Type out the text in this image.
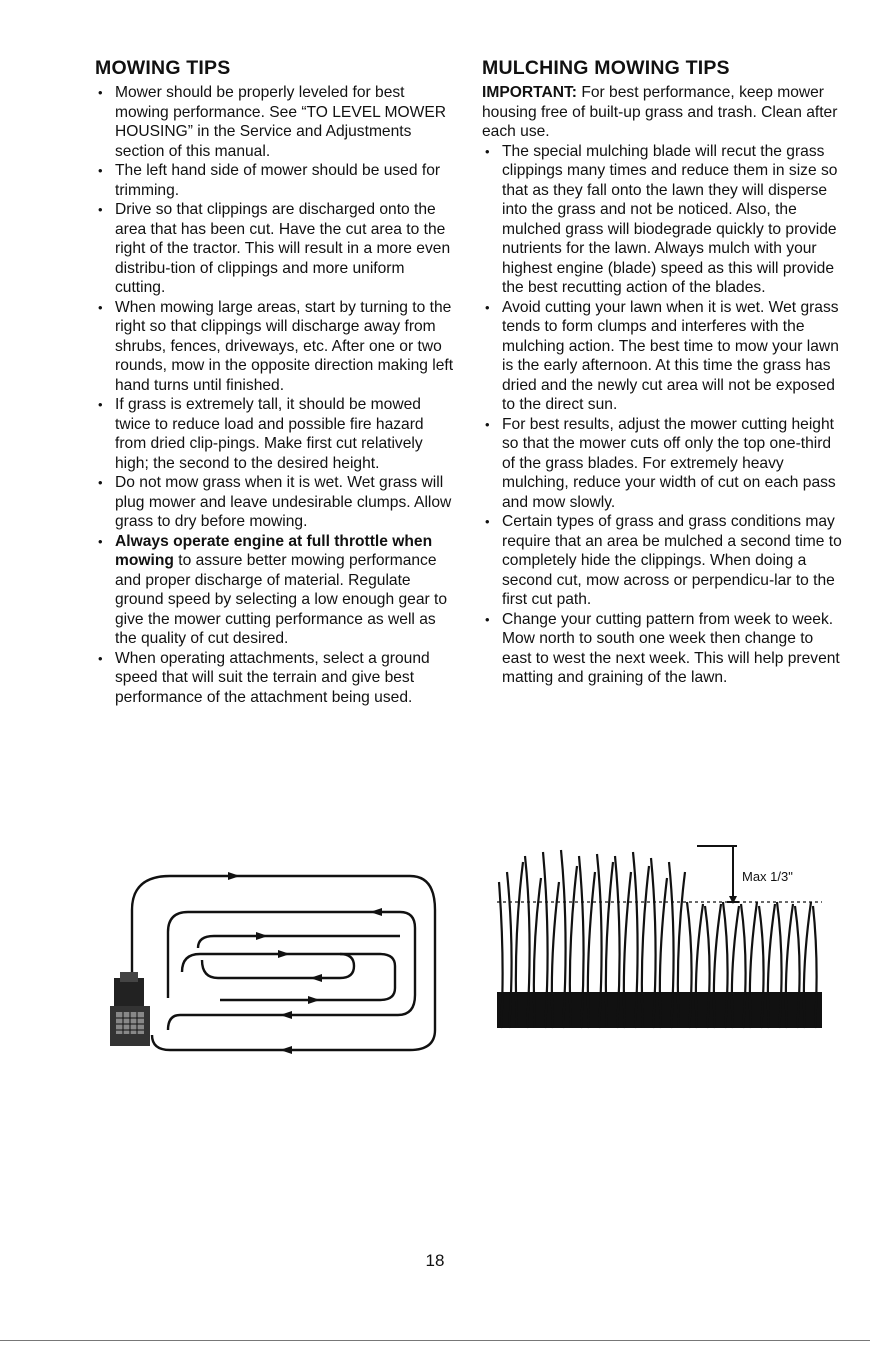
MOWING TIPS
• Mower should be properly leveled for best mowing performance. See “TO LEVEL MOWER HOUSING” in the Service and Adjustments section of this manual.
• The left hand side of mower should be used for trimming.
• Drive so that clippings are discharged onto the area that has been cut. Have the cut area to the right of the tractor. This will result in a more even distribu-tion of clippings and more uniform cutting.
• When mowing large areas, start by turning to the right so that clippings will discharge away from shrubs, fences, driveways, etc. After one or two rounds, mow in the opposite direction making left hand turns until finished.
• If grass is extremely tall, it should be mowed twice to reduce load and possible fire hazard from dried clip-pings. Make first cut relatively high; the second to the desired height.
• Do not mow grass when it is wet. Wet grass will plug mower and leave undesirable clumps. Allow grass to dry before mowing.
• Always operate engine at full throttle when mowing to assure better mowing performance and proper discharge of material. Regulate ground speed by selecting a low enough gear to give the mower cutting performance as well as the quality of cut desired.
• When operating attachments, select a ground speed that will suit the terrain and give best performance of the attachment being used.
MULCHING MOWING TIPS

IMPORTANT: For best performance, keep mower housing free of built-up grass and trash. Clean after each use.

• The special mulching blade will recut the grass clippings many times and reduce them in size so that as they fall onto the lawn they will disperse into the grass and not be noticed. Also, the mulched grass will biodegrade quickly to provide nutrients for the lawn. Always mulch with your highest engine (blade) speed as this will provide the best recutting action of the blades.
• Avoid cutting your lawn when it is wet. Wet grass tends to form clumps and interferes with the mulching action. The best time to mow your lawn is the early afternoon. At this time the grass has dried and the newly cut area will not be exposed to the direct sun.
• For best results, adjust the mower cutting height so that the mower cuts off only the top one-third of the grass blades. For extremely heavy mulching, reduce your width of cut on each pass and mow slowly.
• Certain types of grass and grass conditions may require that an area be mulched a second time to completely hide the clippings. When doing a second cut, mow across or perpendicu-lar to the first cut path.
• Change your cutting pattern from week to week. Mow north to south one week then change to east to west the next week. This will help prevent matting and graining of the lawn.
Max 1/3"
18
